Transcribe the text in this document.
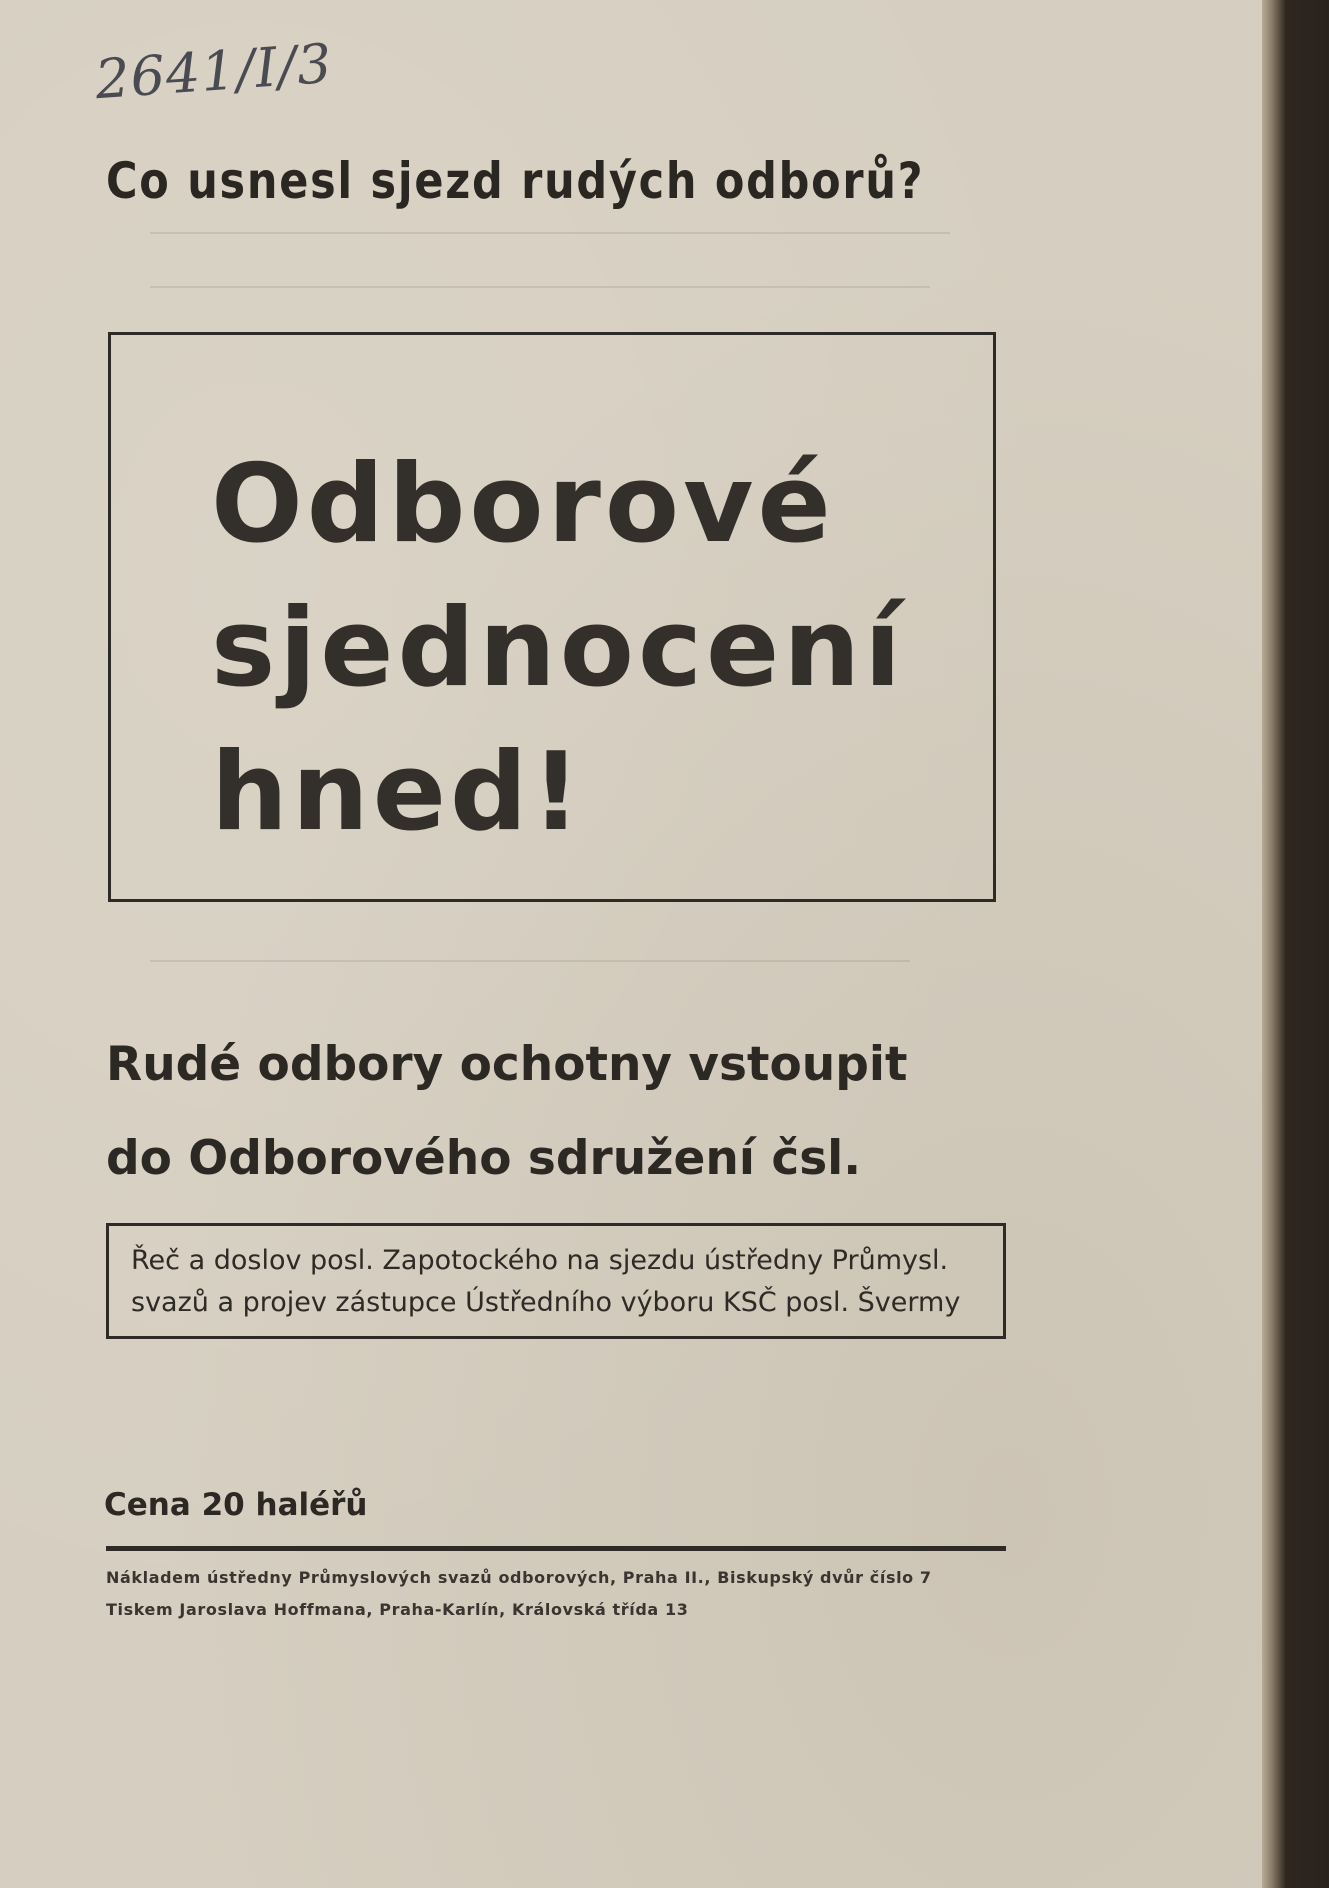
2641/I/3
Co usnesl sjezd rudých odborů?
Odborové
sjednocení
hned!
Rudé odbory ochotny vstoupit
do Odborového sdružení čsl.
Řeč a doslov posl. Zapotockého na sjezdu ústředny Průmysl.
svazů a projev zástupce Ústředního výboru KSČ posl. Švermy
Cena 20 haléřů
Nákladem ústředny Průmyslových svazů odborových, Praha II., Biskupský dvůr číslo 7
Tiskem Jaroslava Hoffmana, Praha-Karlín, Královská třída 13
